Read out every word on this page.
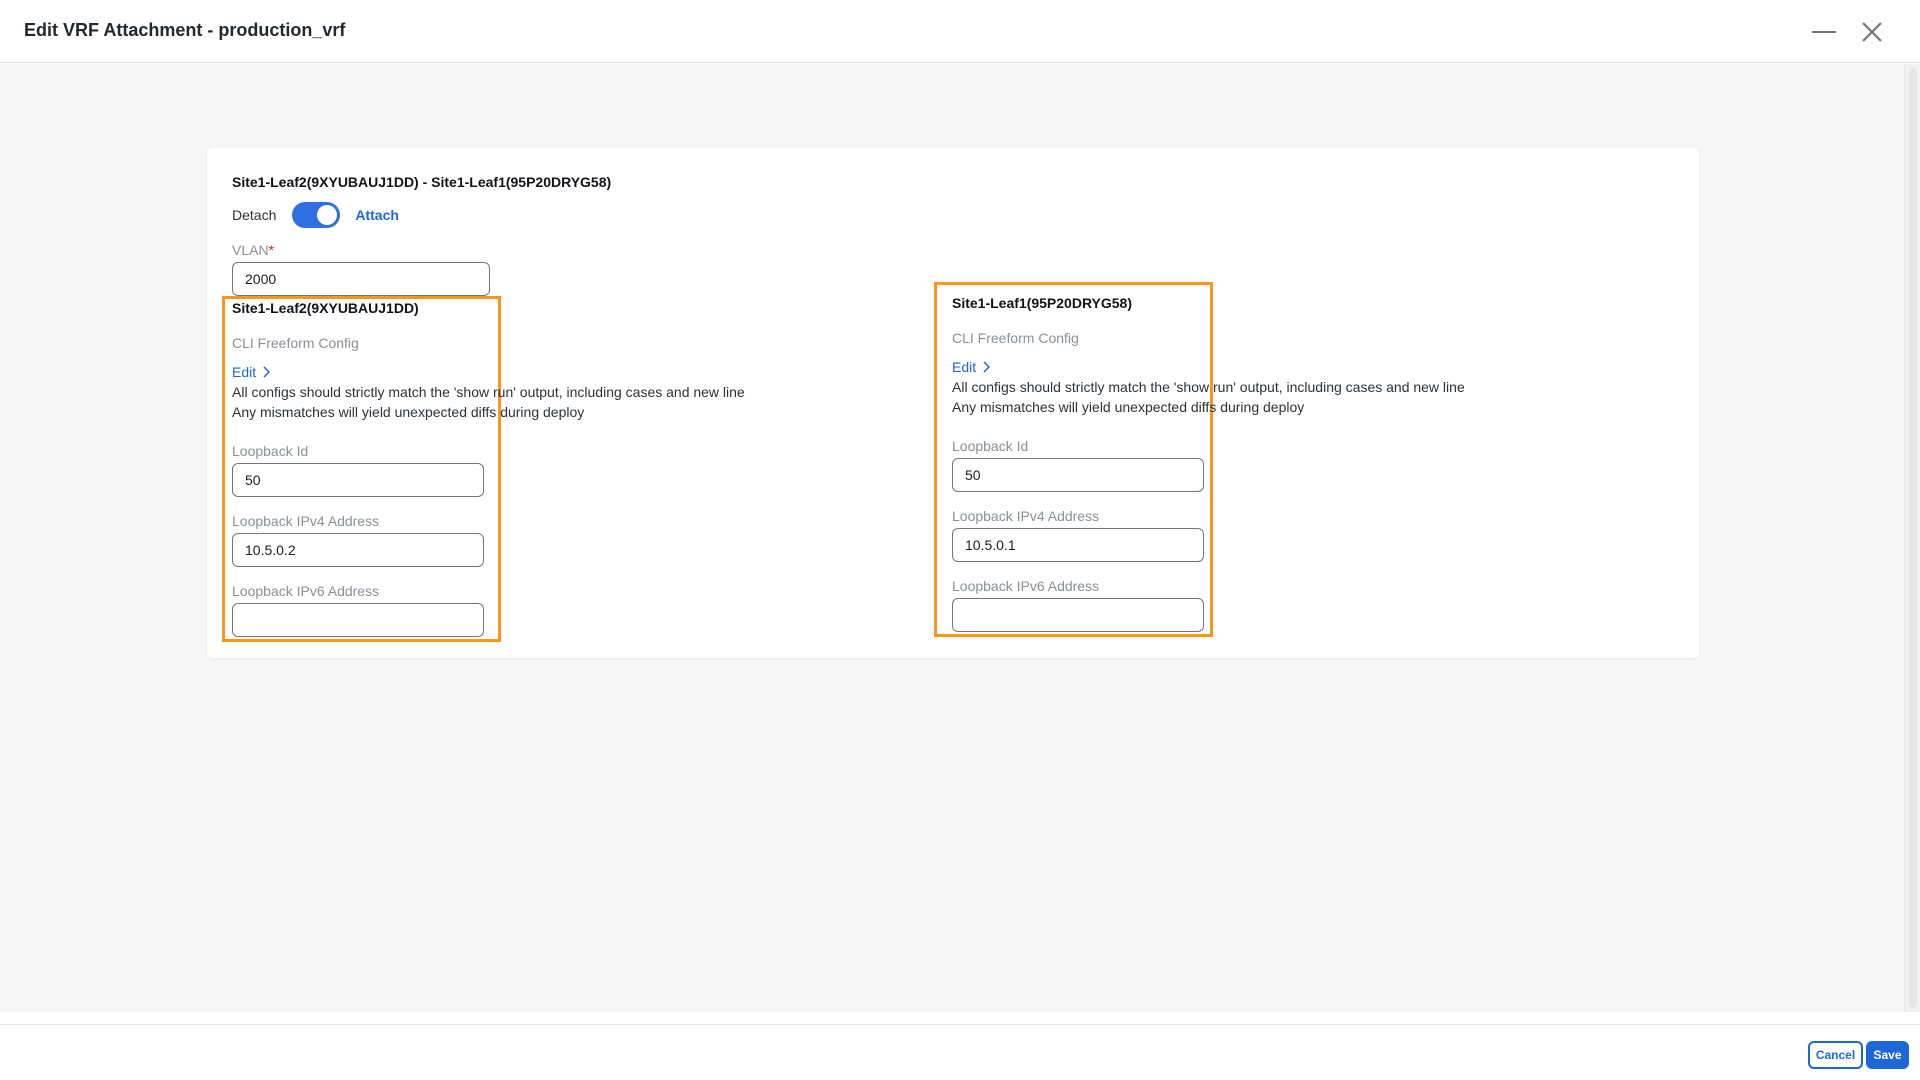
Edit VRF Attachment - production_vrf
Site1-Leaf2(9XYUBAUJ1DD) - Site1-Leaf1(95P20DRYG58)
Detach	Attach
VLAN*
2000
Site1-Leaf2(9XYUBAUJ1DD)
CLI Freeform Config
Edit
All configs should strictly match the 'show run' output, including cases and new line
Any mismatches will yield unexpected diffs during deploy
Loopback Id
50
Loopback IPv4 Address
10.5.0.2
Loopback IPv6 Address
Site1-Leaf1(95P20DRYG58)
CLI Freeform Config
Edit
All configs should strictly match the 'show run' output, including cases and new line
Any mismatches will yield unexpected diffs during deploy
Loopback Id
50
Loopback IPv4 Address
10.5.0.1
Loopback IPv6 Address
Cancel	Save
